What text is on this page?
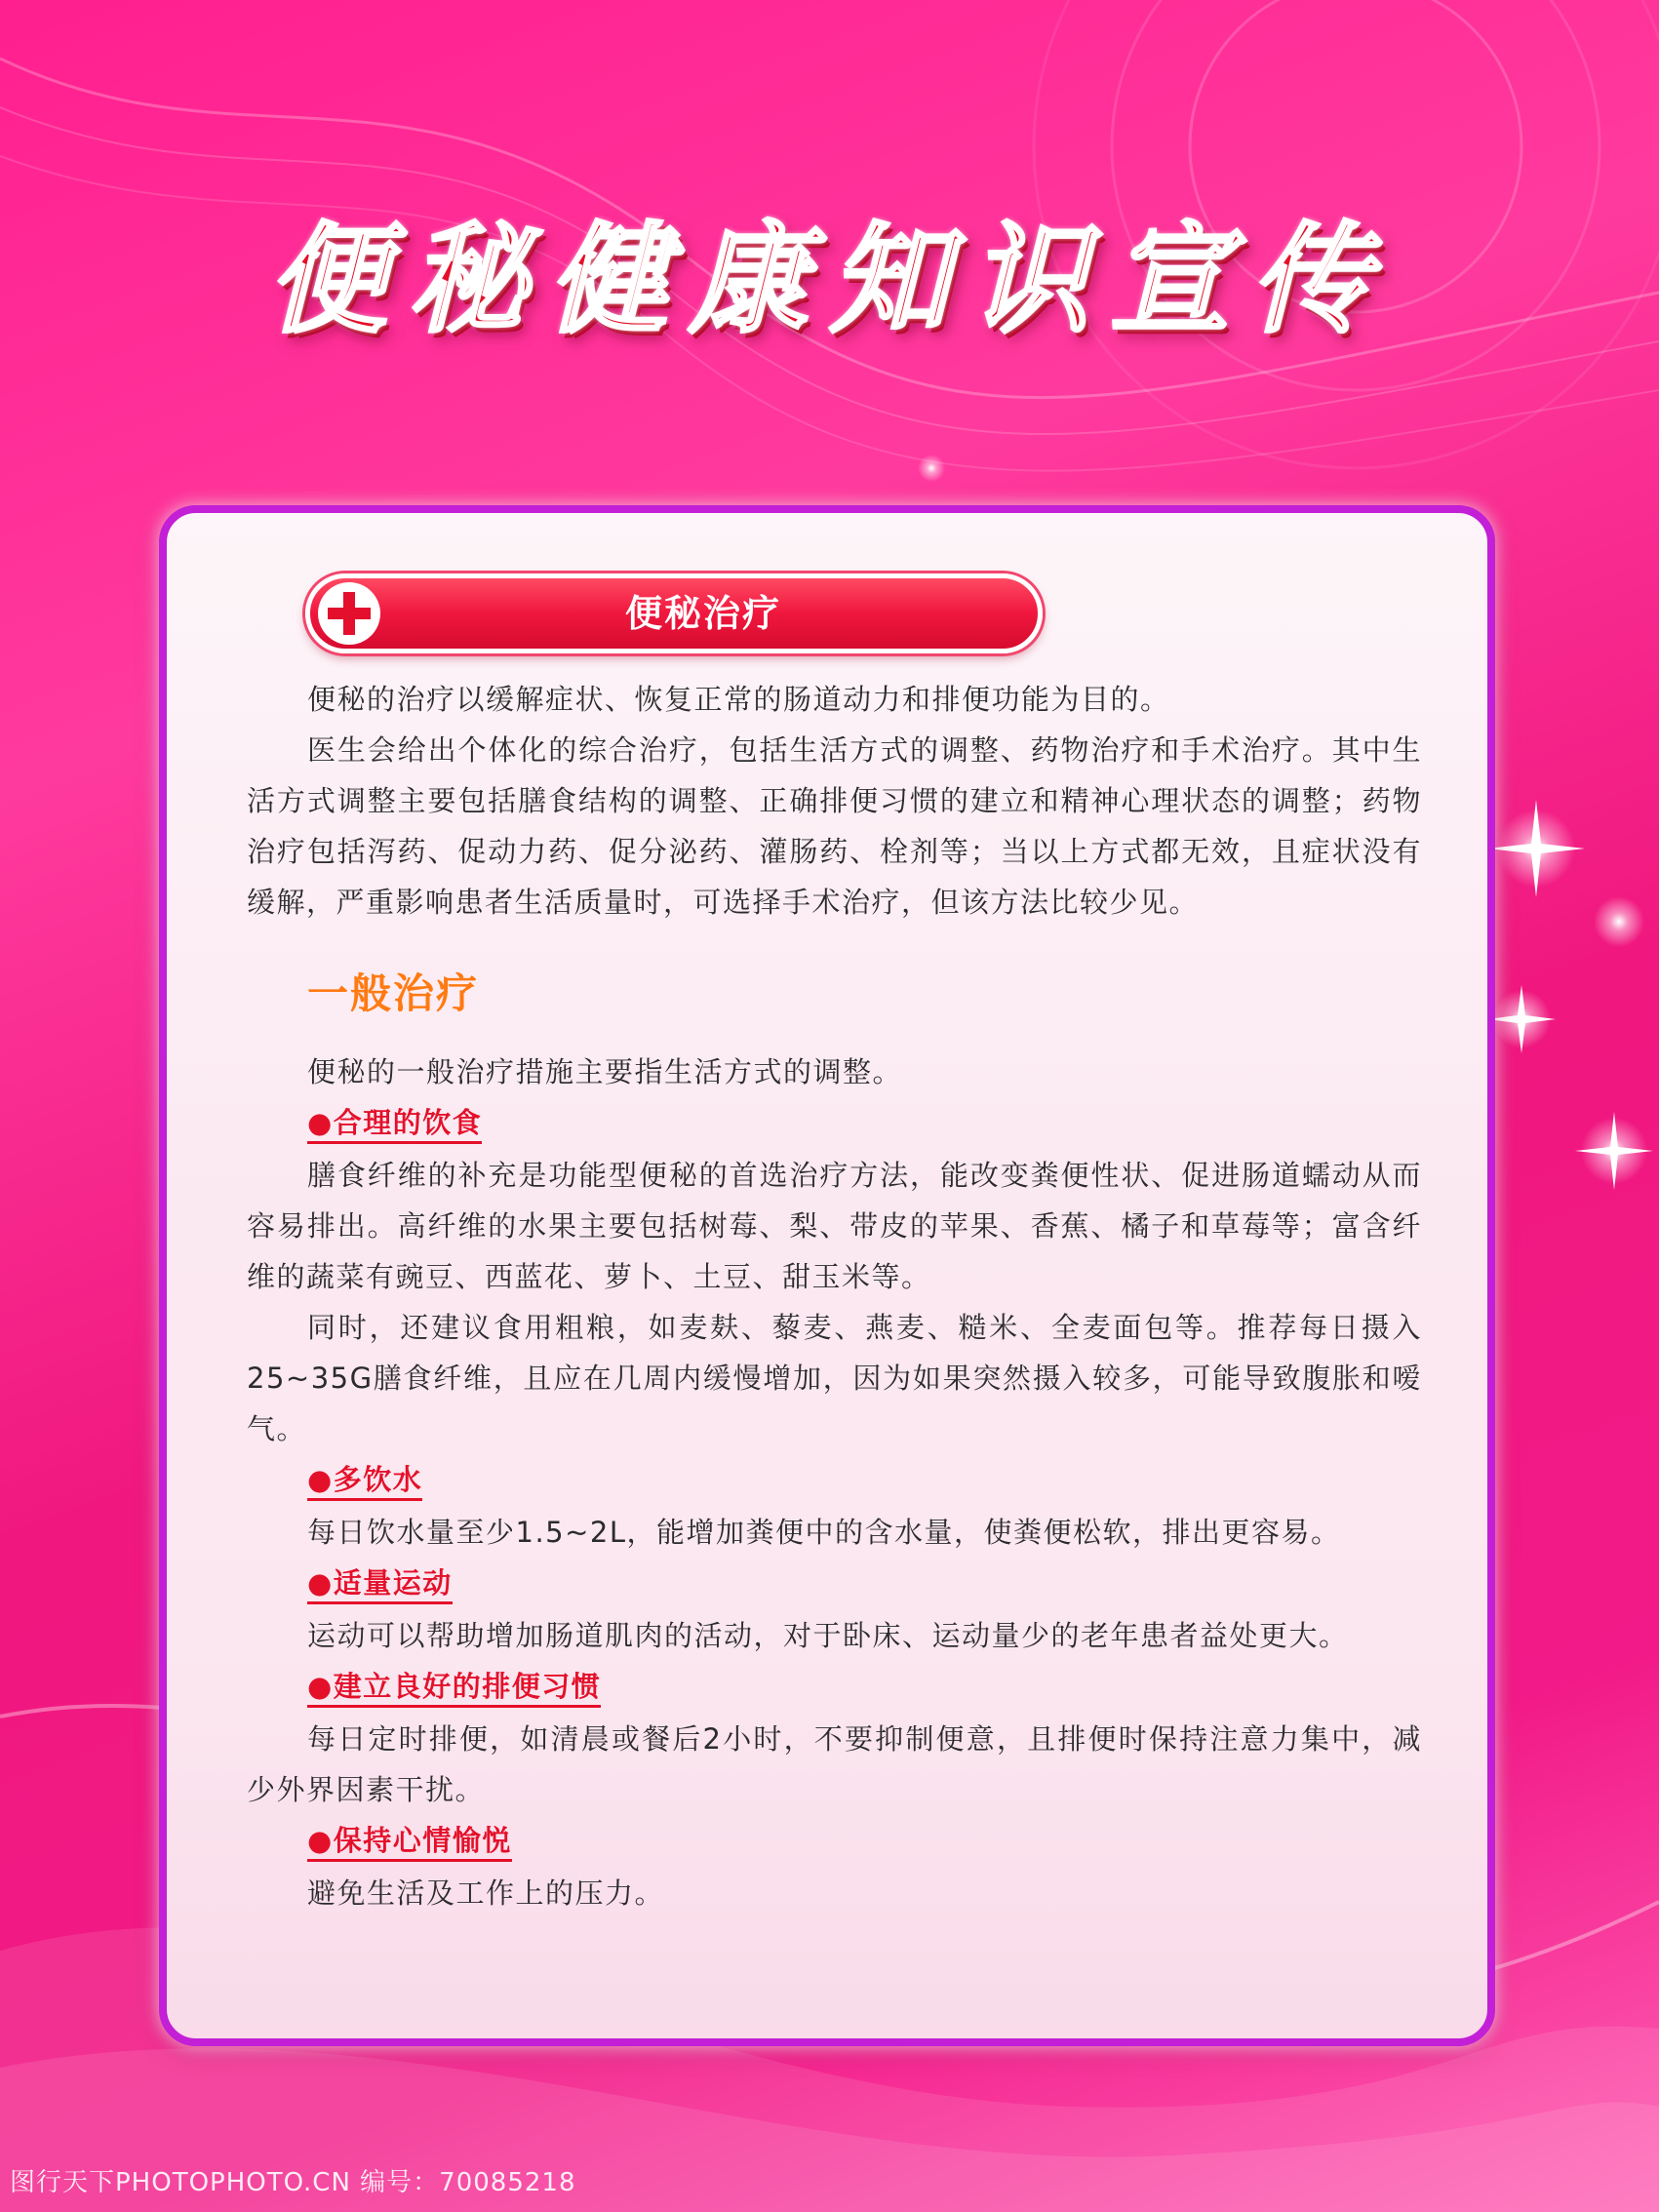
便秘健康知识宣传
便秘治疗

便秘的治疗以缓解症状、恢复正常的肠道动力和排便功能为目的。

医生会给出个体化的综合治疗，包括生活方式的调整、药物治疗和手术治疗。其中生活方式调整主要包括膳食结构的调整、正确排便习惯的建立和精神心理状态的调整；药物治疗包括泻药、促动力药、促分泌药、灌肠药、栓剂等；当以上方式都无效，且症状没有缓解，严重影响患者生活质量时，可选择手术治疗，但该方法比较少见。

一般治疗

便秘的一般治疗措施主要指生活方式的调整。

●合理的饮食

膳食纤维的补充是功能型便秘的首选治疗方法，能改变粪便性状、促进肠道蠕动从而容易排出。高纤维的水果主要包括树莓、梨、带皮的苹果、香蕉、橘子和草莓等；富含纤维的蔬菜有豌豆、西蓝花、萝卜、土豆、甜玉米等。

同时，还建议食用粗粮，如麦麸、藜麦、燕麦、糙米、全麦面包等。推荐每日摄入25~35G膳食纤维，且应在几周内缓慢增加，因为如果突然摄入较多，可能导致腹胀和嗳气。

●多饮水

每日饮水量至少1.5~2L，能增加粪便中的含水量，使粪便松软，排出更容易。

●适量运动

运动可以帮助增加肠道肌肉的活动，对于卧床、运动量少的老年患者益处更大。

●建立良好的排便习惯

每日定时排便，如清晨或餐后2小时，不要抑制便意，且排便时保持注意力集中，减少外界因素干扰。

●保持心情愉悦

避免生活及工作上的压力。

图行天下PHOTOPHOTO.CN 编号：70085218
